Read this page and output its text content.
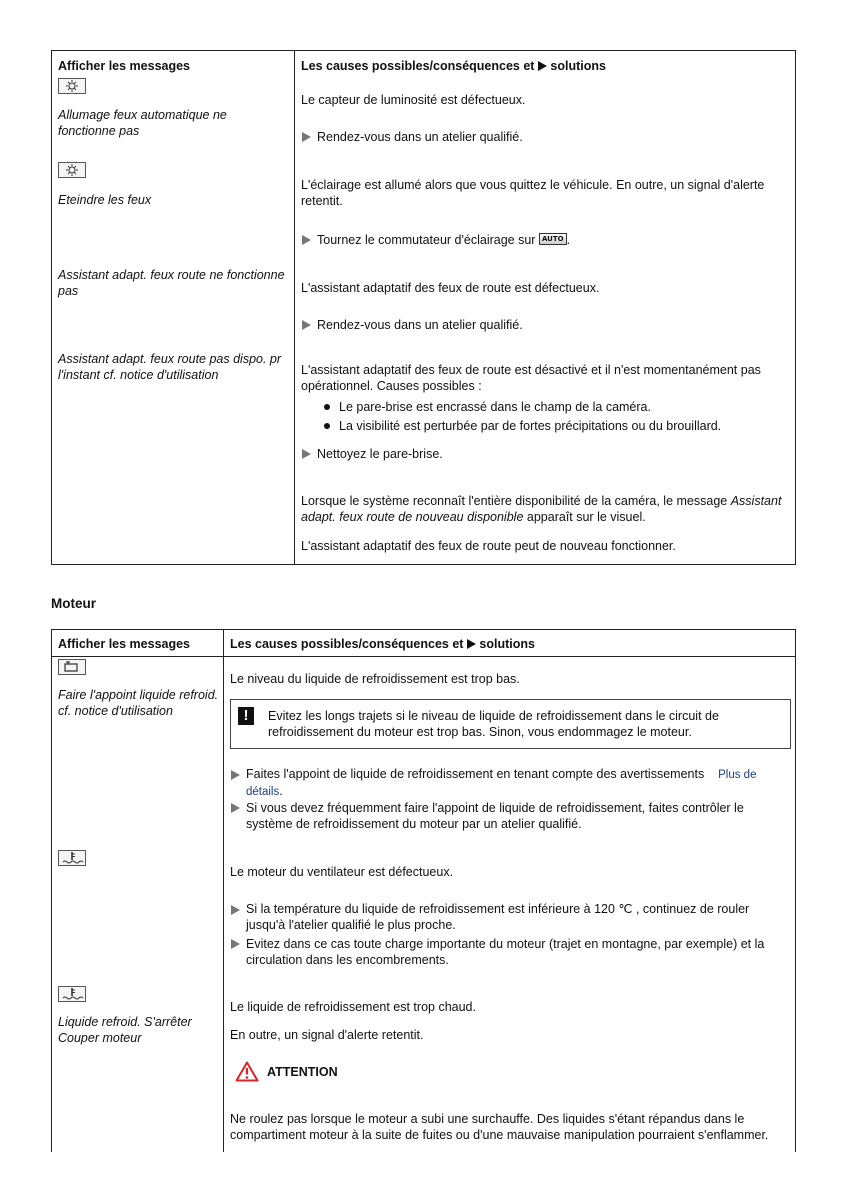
Afficher les messages	Les causes possibles/conséquences et solutions
Allumage feux automatique ne fonctionne pas
Le capteur de luminosité est défectueux.
Rendez-vous dans un atelier qualifié.
Eteindre les feux
L'éclairage est allumé alors que vous quittez le véhicule. En outre, un signal d'alerte retentit.
Tournez le commutateur d'éclairage sur AUTO .
Assistant adapt. feux route ne fonctionne pas	L'assistant adaptatif des feux de route est défectueux.
Rendez-vous dans un atelier qualifié.
Assistant adapt. feux route pas dispo. pr l'instant cf. notice d'utilisation	L'assistant adaptatif des feux de route est désactivé et il n'est momentanément pas opérationnel. Causes possibles :
Le pare-brise est encrassé dans le champ de la caméra.
La visibilité est perturbée par de fortes précipitations ou du brouillard.
Nettoyez le pare-brise.
Lorsque le système reconnaît l'entière disponibilité de la caméra, le message Assistant adapt. feux route de nouveau disponible apparaît sur le visuel.
L'assistant adaptatif des feux de route peut de nouveau fonctionner.
Moteur
Afficher les messages	Les causes possibles/conséquences et solutions
Faire l'appoint liquide refroid. cf. notice d'utilisation
Le niveau du liquide de refroidissement est trop bas.
!	Evitez les longs trajets si le niveau de liquide de refroidissement dans le circuit de refroidissement du moteur est trop bas. Sinon, vous endommagez le moteur.
Faites l'appoint de liquide de refroidissement en tenant compte des avertissements Plus de détails.
Si vous devez fréquemment faire l'appoint de liquide de refroidissement, faites contrôler le système de refroidissement du moteur par un atelier qualifié.
Le moteur du ventilateur est défectueux.
Si la température du liquide de refroidissement est inférieure à 120 ℃ , continuez de rouler jusqu'à l'atelier qualifié le plus proche.
Evitez dans ce cas toute charge importante du moteur (trajet en montagne, par exemple) et la circulation dans les encombrements.
Liquide refroid. S'arrêter Couper moteur
Le liquide de refroidissement est trop chaud.
En outre, un signal d'alerte retentit.
ATTENTION
Ne roulez pas lorsque le moteur a subi une surchauffe. Des liquides s'étant répandus dans le compartiment moteur à la suite de fuites ou d'une mauvaise manipulation pourraient s'enflammer.
